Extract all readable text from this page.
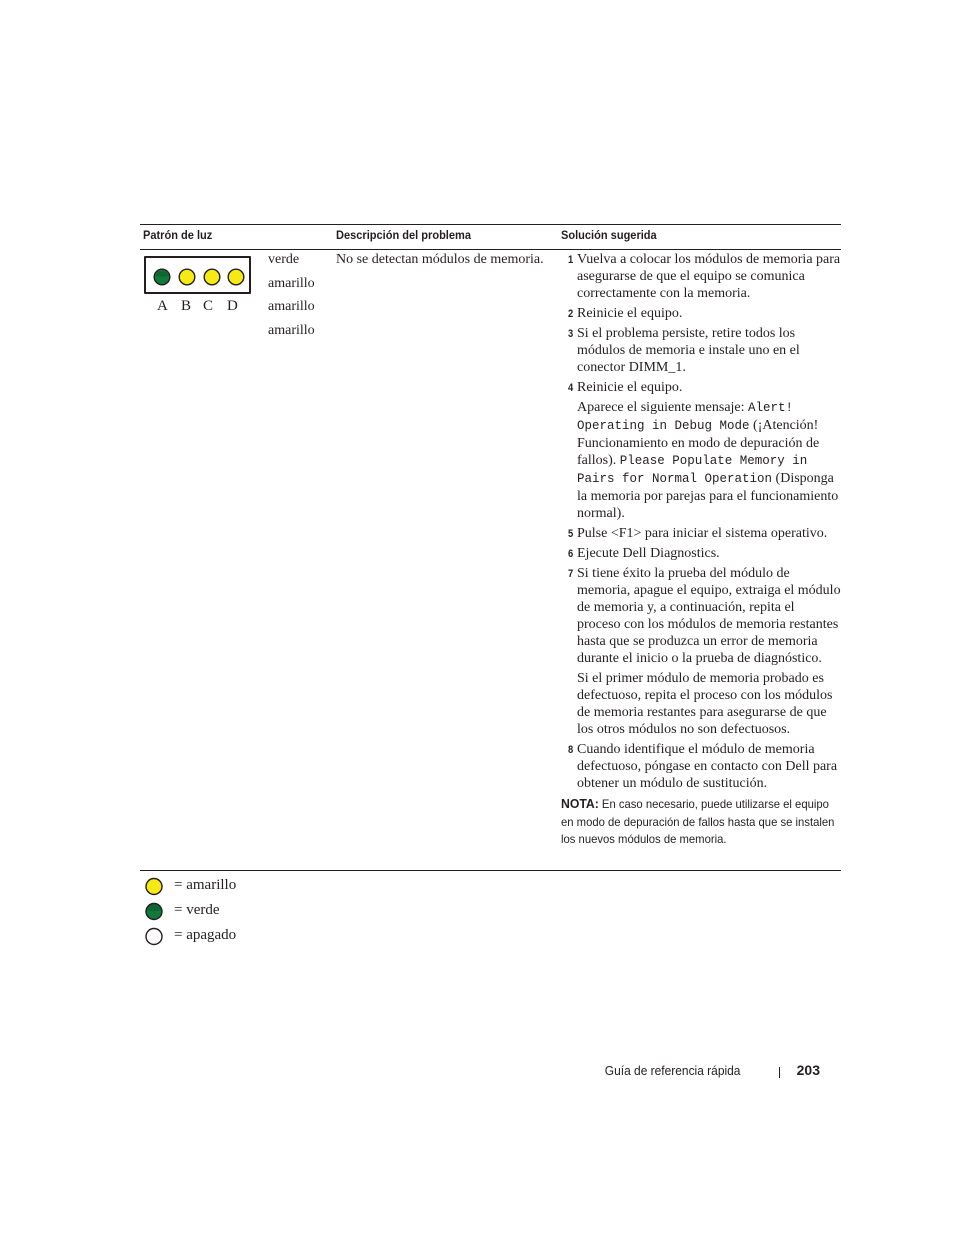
Patrón de luz	Descripción del problema	Solución sugerida
A B C D
verde
amarillo
amarillo
amarillo
No se detectan módulos de memoria.	1 Vuelva a colocar los módulos de memoria para asegurarse de que el equipo se comunica correctamente con la memoria.
2 Reinicie el equipo.
3 Si el problema persiste, retire todos los módulos de memoria e instale uno en el conector DIMM_1.
4 Reinicie el equipo.
Aparece el siguiente mensaje: Alert! Operating in Debug Mode (¡Atención! Funcionamiento en modo de depuración de fallos). Please Populate Memory in Pairs for Normal Operation (Disponga la memoria por parejas para el funcionamiento normal).
5 Pulse <F1> para iniciar el sistema operativo.
6 Ejecute Dell Diagnostics.
7 Si tiene éxito la prueba del módulo de memoria, apague el equipo, extraiga el módulo de memoria y, a continuación, repita el proceso con los módulos de memoria restantes hasta que se produzca un error de memoria durante el inicio o la prueba de diagnóstico.
Si el primer módulo de memoria probado es defectuoso, repita el proceso con los módulos de memoria restantes para asegurarse de que los otros módulos no son defectuosos.
8 Cuando identifique el módulo de memoria defectuoso, póngase en contacto con Dell para obtener un módulo de sustitución.
NOTA: En caso necesario, puede utilizarse el equipo en modo de depuración de fallos hasta que se instalen los nuevos módulos de memoria.
= amarillo
= verde
= apagado
Guía de referencia rápida	203
